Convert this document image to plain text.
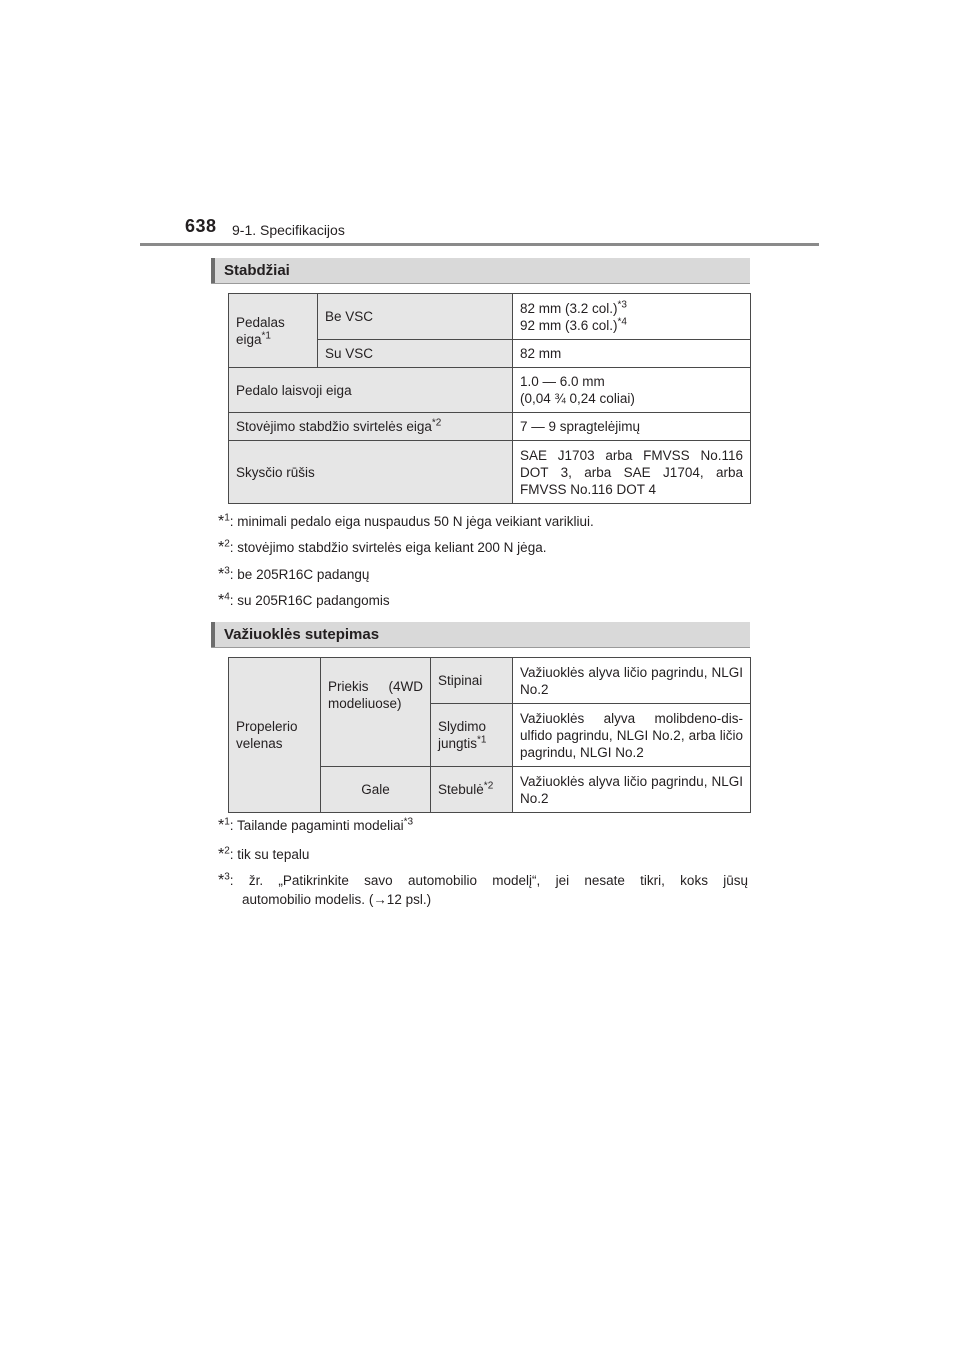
638 9-1. Specifikacijos
Stabdžiai
Pedalas eiga$^{*1}$	Be VSC	82 mm (3.2 col.)$^{*3}$
92 mm (3.6 col.)$^{*4}$
	Su VSC	82 mm
Pedalo laisvoji eiga		1.0 — 6.0 mm
(0,04 ¾ 0,24 coliai)
Stovėjimo stabdžio svirtelės eiga$^{*2}$		7 — 9 spragtelėjimų
Skysčio rūšis		SAE J1703 arba FMVSS No.116 DOT 3, arba SAE J1704, arba FMVSS No.116 DOT 4
*$^1$: minimali pedalo eiga nuspaudus 50 N jėga veikiant varikliui.
*$^2$: stovėjimo stabdžio svirtelės eiga keliant 200 N jėga.
*$^3$: be 205R16C padangų
*$^4$: su 205R16C padangomis
Važiuoklės sutepimas
Propelerio velenas	Priekis (4WD modeliuose)	Stipinai	Važiuoklės alyva ličio pagrindu, NLGI No.2
		Slydimo jungtis$^{*1}$	Važiuoklės alyva molibdeno-dis-ulfido pagrindu, NLGI No.2, arba ličio pagrindu, NLGI No.2
	Gale	Stebulė$^{*2}$	Važiuoklės alyva ličio pagrindu, NLGI No.2
*$^1$: Tailande pagaminti modeliai$^{*3}$
*$^2$: tik su tepalu
*$^3$: žr. „Patikrinkite savo automobilio modelį“, jei nesate tikri, koks jūsų
automobilio modelis. (→12 psl.)
